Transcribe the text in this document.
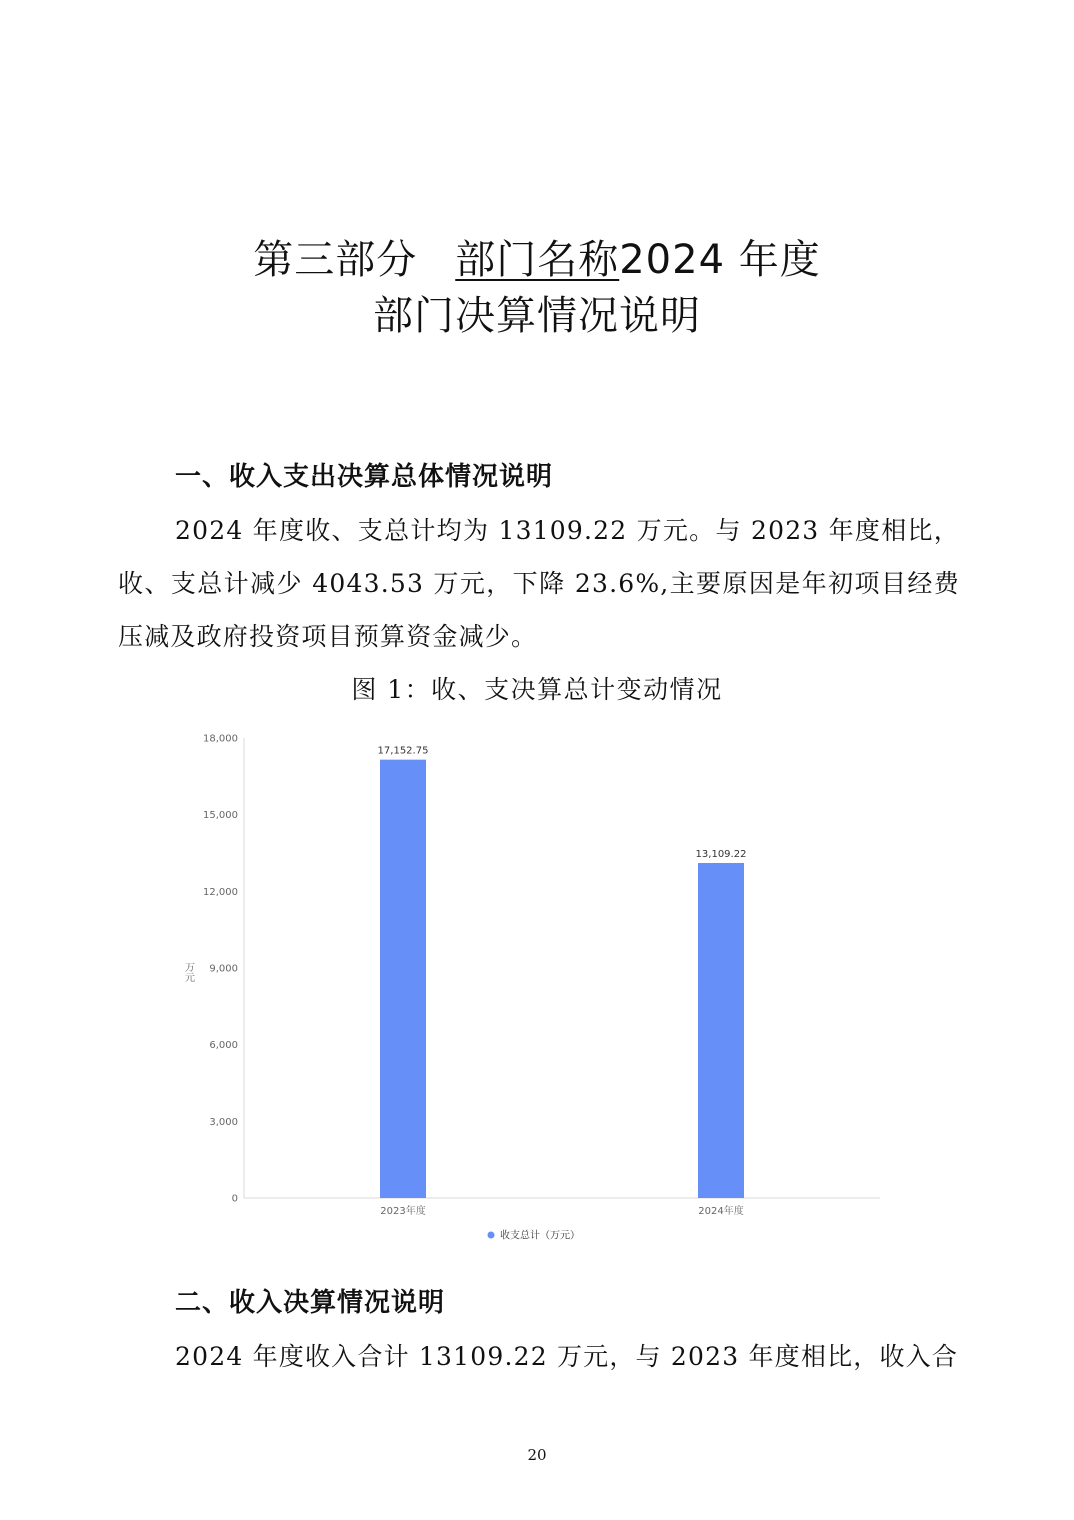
第三部分 部门名称2024 年度
部门决算情况说明
一、收入支出决算总体情况说明
2024 年度收、支总计均为 13109.22 万元。与 2023 年度相比，收、支总计减少 4043.53 万元，下降 23.6%,主要原因是年初项目经费压减及政府投资项目预算资金减少。
图 1：收、支决算总计变动情况
万元
0
3,000
6,000
9,000
12,000
15,000
18,000
17,152.75
2023年度
13,109.22
2024年度
收支总计（万元）
二、收入决算情况说明
2024 年度收入合计 13109.22 万元，与 2023 年度相比，收入合
20
